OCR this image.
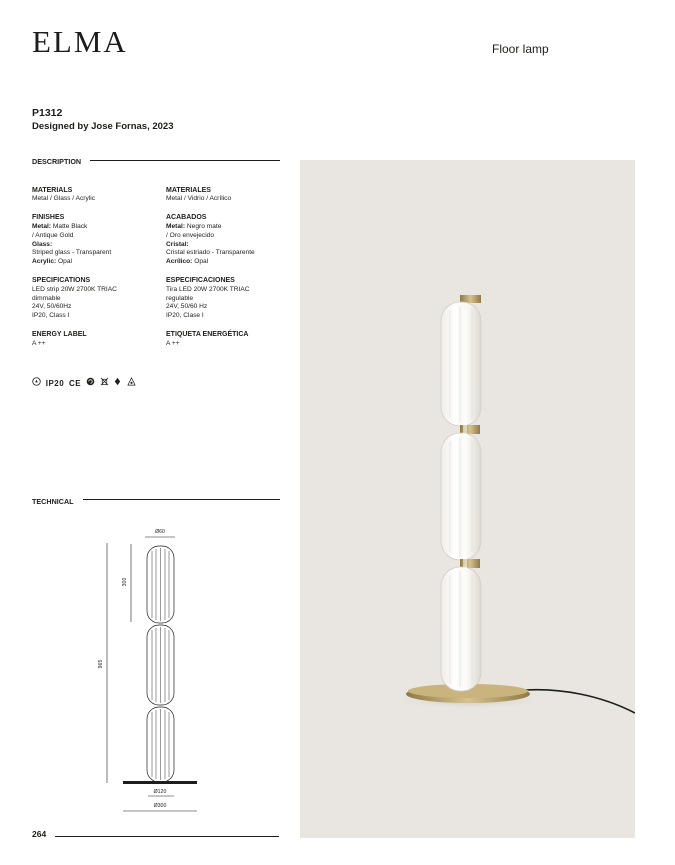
ELMA	Floor lamp
P1312
Designed by Jose Fornas, 2023
DESCRIPTION
MATERIALS
Metal / Glass / Acrylic
FINISHES
Metal: Matte Black
/ Antique Gold
Glass:
Striped glass - Transparent
Acrylic: Opal
SPECIFICATIONS
LED strip 20W 2700K TRIAC
dimmable
24V, 50/60Hz
IP20, Class I
ENERGY LABEL
A ++
MATERIALES
Metal / Vidrio / Acrílico
ACABADOS
Metal: Negro mate
/ Oro envejecido
Cristal:
Cristal estriado - Transparente
Acrílico: Opal
ESPECIFICACIONES
Tira LED 20W 2700K TRIAC
regulable
24V, 50/60 Hz
IP20, Clase I
ETIQUETA ENERGÉTICA
A ++
IP20 CE
TECHNICAL
Ø60
965
300
Ø120
Ø300
264
